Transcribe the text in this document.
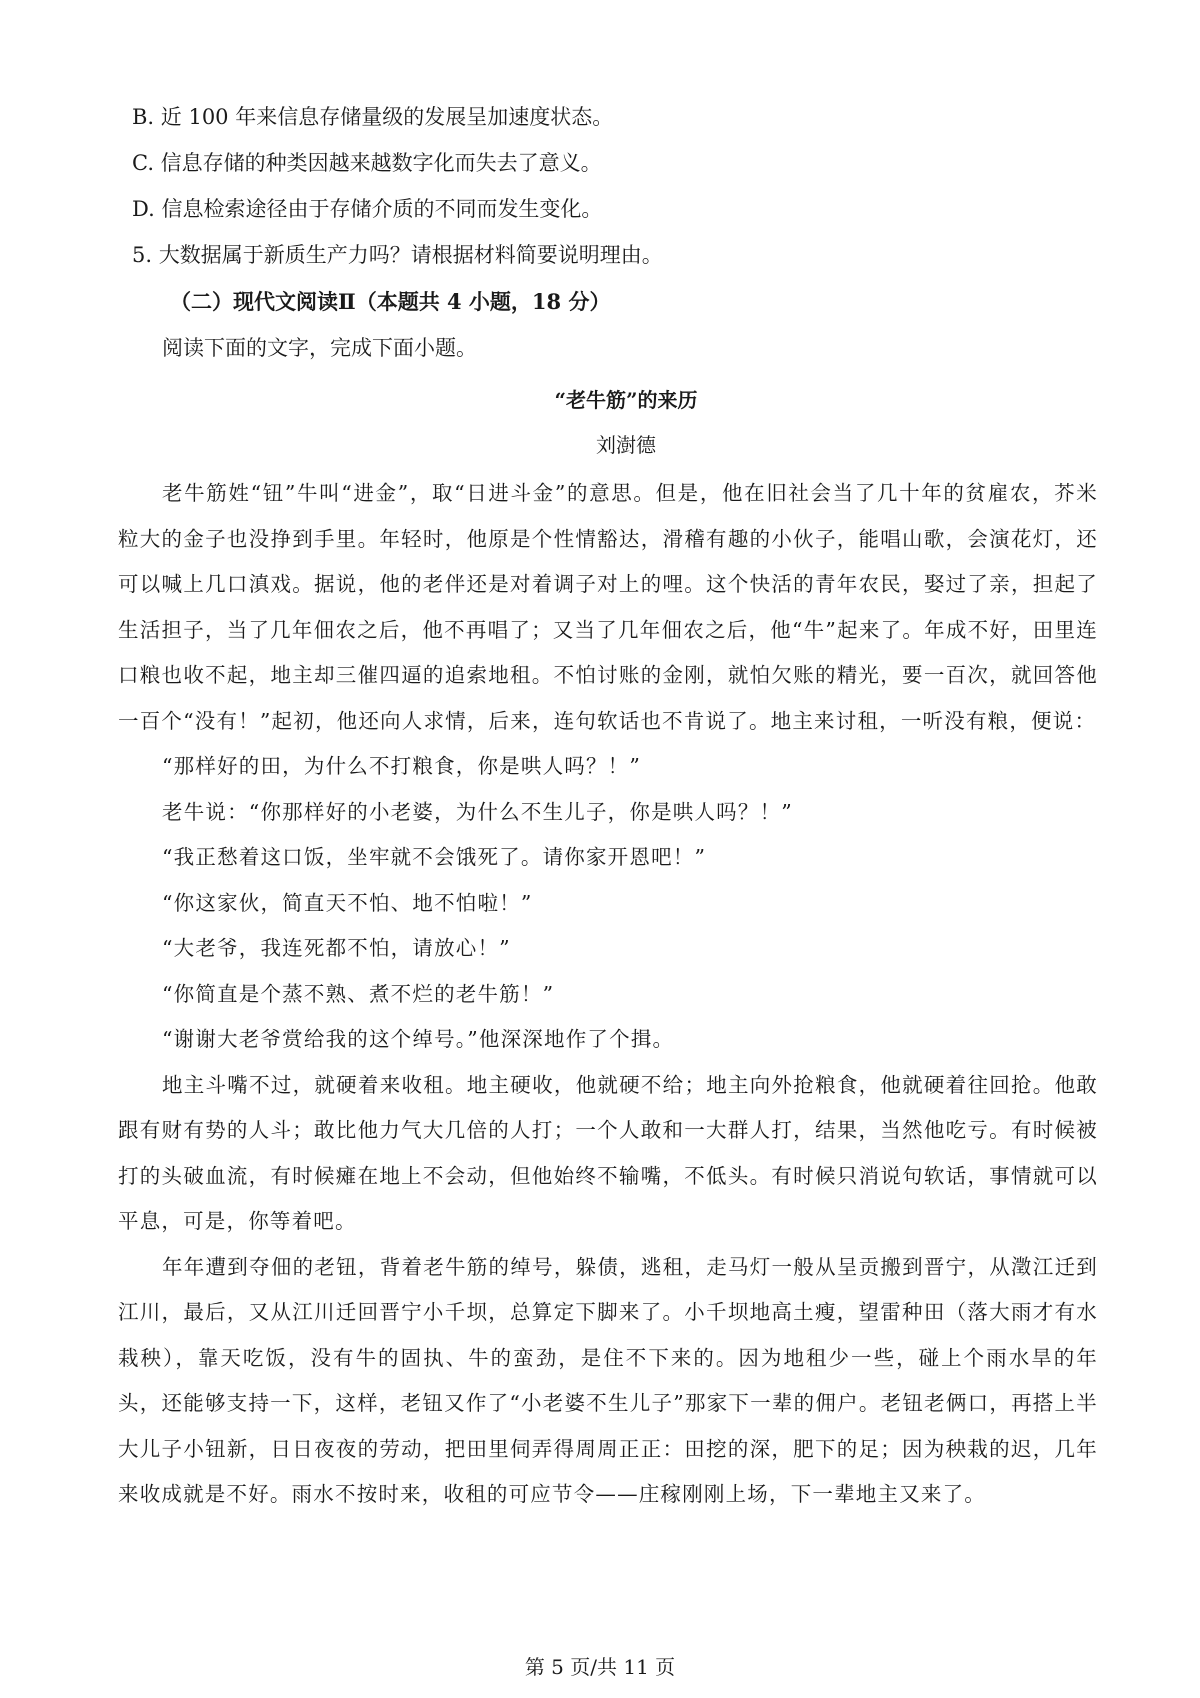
B. 近 100 年来信息存储量级的发展呈加速度状态。
C. 信息存储的种类因越来越数字化而失去了意义。
D. 信息检索途径由于存储介质的不同而发生变化。
5. 大数据属于新质生产力吗？请根据材料简要说明理由。
（二）现代文阅读Ⅱ（本题共 4 小题，18 分）
阅读下面的文字，完成下面小题。
“老牛筋”的来历
刘澍德

老牛筋姓“钮”牛叫“进金”，取“日进斗金”的意思。但是，他在旧社会当了几十年的贫雇农，芥米粒大的金子也没挣到手里。年轻时，他原是个性情豁达，滑稽有趣的小伙子，能唱山歌，会演花灯，还可以喊上几口滇戏。据说，他的老伴还是对着调子对上的哩。这个快活的青年农民，娶过了亲，担起了生活担子，当了几年佃农之后，他不再唱了；又当了几年佃农之后，他“牛”起来了。年成不好，田里连口粮也收不起，地主却三催四逼的追索地租。不怕讨账的金刚，就怕欠账的精光，要一百次，就回答他一百个“没有！”起初，他还向人求情，后来，连句软话也不肯说了。地主来讨租，一听没有粮，便说：

“那样好的田，为什么不打粮食，你是哄人吗？！”
老牛说：“你那样好的小老婆，为什么不生儿子，你是哄人吗？！”
“我正愁着这口饭，坐牢就不会饿死了。请你家开恩吧！”
“你这家伙，简直天不怕、地不怕啦！”
“大老爷，我连死都不怕，请放心！”
“你简直是个蒸不熟、煮不烂的老牛筋！”
“谢谢大老爷赏给我的这个绰号。”他深深地作了个揖。

地主斗嘴不过，就硬着来收租。地主硬收，他就硬不给；地主向外抢粮食，他就硬着往回抢。他敢跟有财有势的人斗；敢比他力气大几倍的人打；一个人敢和一大群人打，结果，当然他吃亏。有时候被打的头破血流，有时候瘫在地上不会动，但他始终不输嘴，不低头。有时候只消说句软话，事情就可以平息，可是，你等着吧。

年年遭到夺佃的老钮，背着老牛筋的绰号，躲债，逃租，走马灯一般从呈贡搬到晋宁，从澂江迁到江川，最后，又从江川迁回晋宁小千坝，总算定下脚来了。小千坝地高土瘦，望雷种田（落大雨才有水栽秧），靠天吃饭，没有牛的固执、牛的蛮劲，是住不下来的。因为地租少一些，碰上个雨水旱的年头，还能够支持一下，这样，老钮又作了“小老婆不生儿子”那家下一辈的佣户。老钮老俩口，再搭上半大儿子小钮新，日日夜夜的劳动，把田里伺弄得周周正正：田挖的深，肥下的足；因为秧栽的迟，几年来收成就是不好。雨水不按时来，收租的可应节令——庄稼刚刚上场，下一辈地主又来了。

第 5 页/共 11 页
